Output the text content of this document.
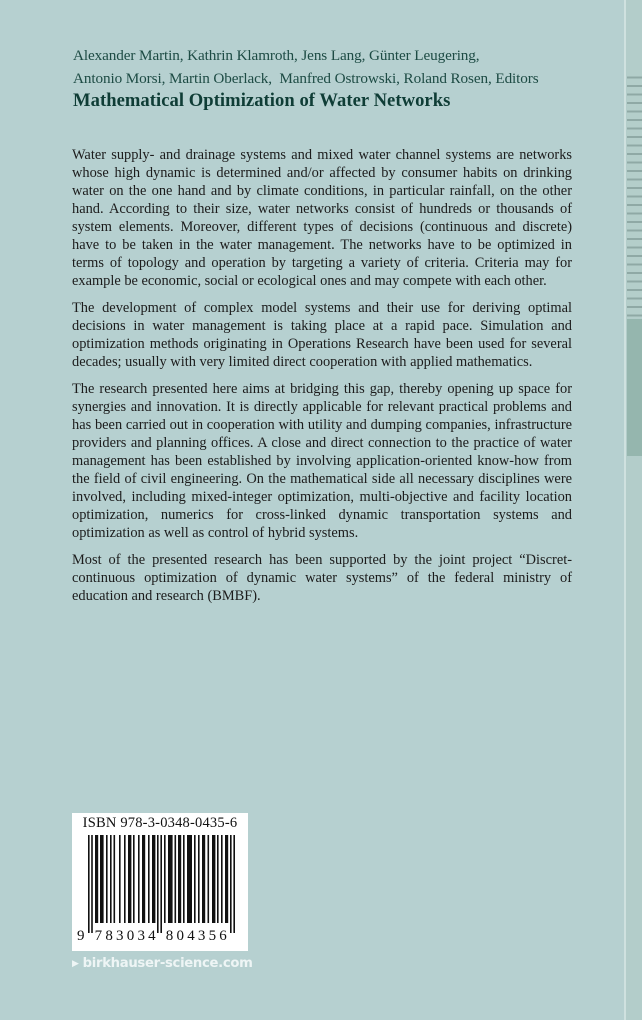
Alexander Martin, Kathrin Klamroth, Jens Lang, Günter Leugering,
Antonio Morsi, Martin Oberlack,  Manfred Ostrowski, Roland Rosen, Editors
Mathematical Optimization of Water Networks

Water supply- and drainage systems and mixed water channel systems are networks whose high dynamic is determined and/or affected by consumer habits on drinking water on the one hand and by climate conditions, in particular rainfall, on the other hand. According to their size, water networks consist of hundreds or thousands of system elements. Moreover, different types of decisions (continuous and discrete) have to be taken in the water management. The networks have to be optimized in terms of topology and operation by targeting a variety of criteria. Criteria may for example be economic, social or ecological ones and may compete with each other.

The development of complex model systems and their use for deriving optimal decisions in water management is taking place at a rapid pace. Simulation and optimization methods originating in Operations Research have been used for several decades; usually with very limited direct cooperation with applied mathematics.

The research presented here aims at bridging this gap, thereby opening up space for synergies and innovation. It is directly applicable for relevant practical problems and has been carried out in cooperation with utility and dumping companies, infrastructure providers and planning offices. A close and direct connection to the practice of water management has been established by involving application-oriented know-how from the field of civil engineering. On the mathematical side all necessary disciplines were involved, including mixed-integer optimization, multi-objective and facility location optimization, numerics for cross-linked dynamic transportation systems and optimization as well as control of hybrid systems.

Most of the presented research has been supported by the joint project “Discret-continuous optimization of dynamic water systems” of the federal ministry of education and research (BMBF).

ISBN 978-3-0348-0435-6
9 783034 804356
▶ birkhauser-science.com
